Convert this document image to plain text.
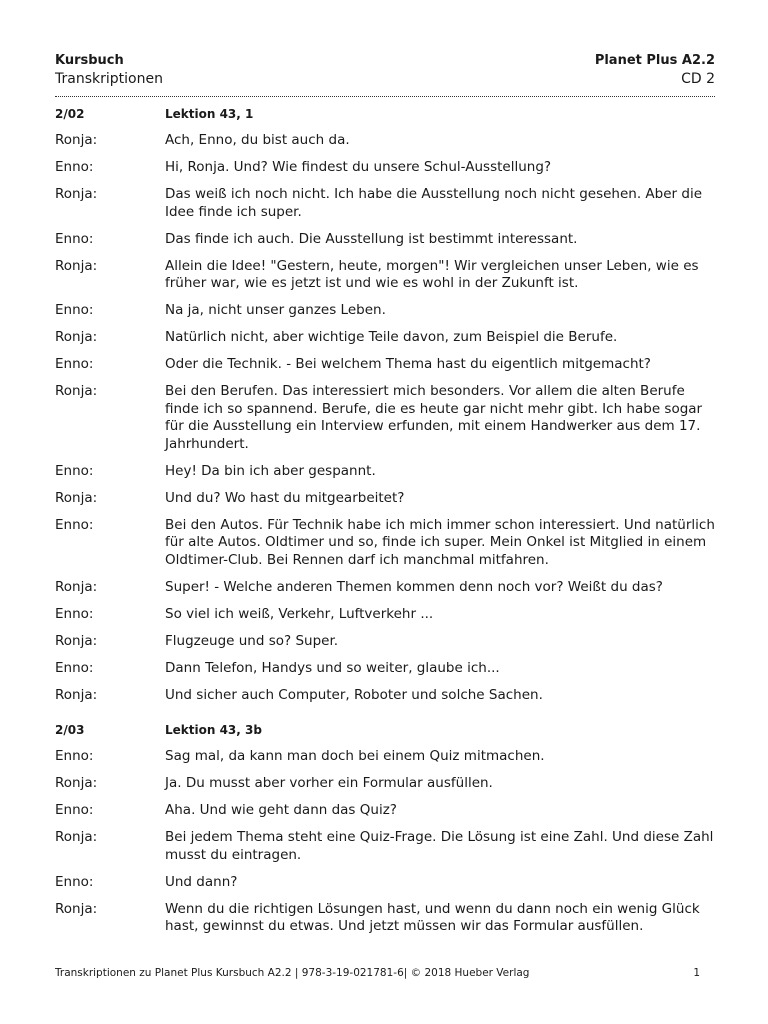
Kursbuch
Transkriptionen
Planet Plus A2.2
CD 2
2/02	Lektion 43, 1
Ronja:	Ach, Enno, du bist auch da.
Enno:	Hi, Ronja. Und? Wie findest du unsere Schul-Ausstellung?
Ronja:	Das weiß ich noch nicht. Ich habe die Ausstellung noch nicht gesehen. Aber die Idee finde ich super.
Enno:	Das finde ich auch. Die Ausstellung ist bestimmt interessant.
Ronja:	Allein die Idee! "Gestern, heute, morgen"! Wir vergleichen unser Leben, wie es früher war, wie es jetzt ist und wie es wohl in der Zukunft ist.
Enno:	Na ja, nicht unser ganzes Leben.
Ronja:	Natürlich nicht, aber wichtige Teile davon, zum Beispiel die Berufe.
Enno:	Oder die Technik. - Bei welchem Thema hast du eigentlich mitgemacht?
Ronja:	Bei den Berufen. Das interessiert mich besonders. Vor allem die alten Berufe finde ich so spannend. Berufe, die es heute gar nicht mehr gibt. Ich habe sogar für die Ausstellung ein Interview erfunden, mit einem Handwerker aus dem 17. Jahrhundert.
Enno:	Hey! Da bin ich aber gespannt.
Ronja:	Und du? Wo hast du mitgearbeitet?
Enno:	Bei den Autos. Für Technik habe ich mich immer schon interessiert. Und natürlich für alte Autos. Oldtimer und so, finde ich super. Mein Onkel ist Mitglied in einem Oldtimer-Club. Bei Rennen darf ich manchmal mitfahren.
Ronja:	Super! - Welche anderen Themen kommen denn noch vor? Weißt du das?
Enno:	So viel ich weiß, Verkehr, Luftverkehr ...
Ronja:	Flugzeuge und so? Super.
Enno:	Dann Telefon, Handys und so weiter, glaube ich...
Ronja:	Und sicher auch Computer, Roboter und solche Sachen.
2/03	Lektion 43, 3b
Enno:	Sag mal, da kann man doch bei einem Quiz mitmachen.
Ronja:	Ja. Du musst aber vorher ein Formular ausfüllen.
Enno:	Aha. Und wie geht dann das Quiz?
Ronja:	Bei jedem Thema steht eine Quiz-Frage. Die Lösung ist eine Zahl. Und diese Zahl musst du eintragen.
Enno:	Und dann?
Ronja:	Wenn du die richtigen Lösungen hast, und wenn du dann noch ein wenig Glück hast, gewinnst du etwas. Und jetzt müssen wir das Formular ausfüllen.
Transkriptionen zu Planet Plus Kursbuch A2.2 | 978-3-19-021781-6| © 2018 Hueber Verlag	1
